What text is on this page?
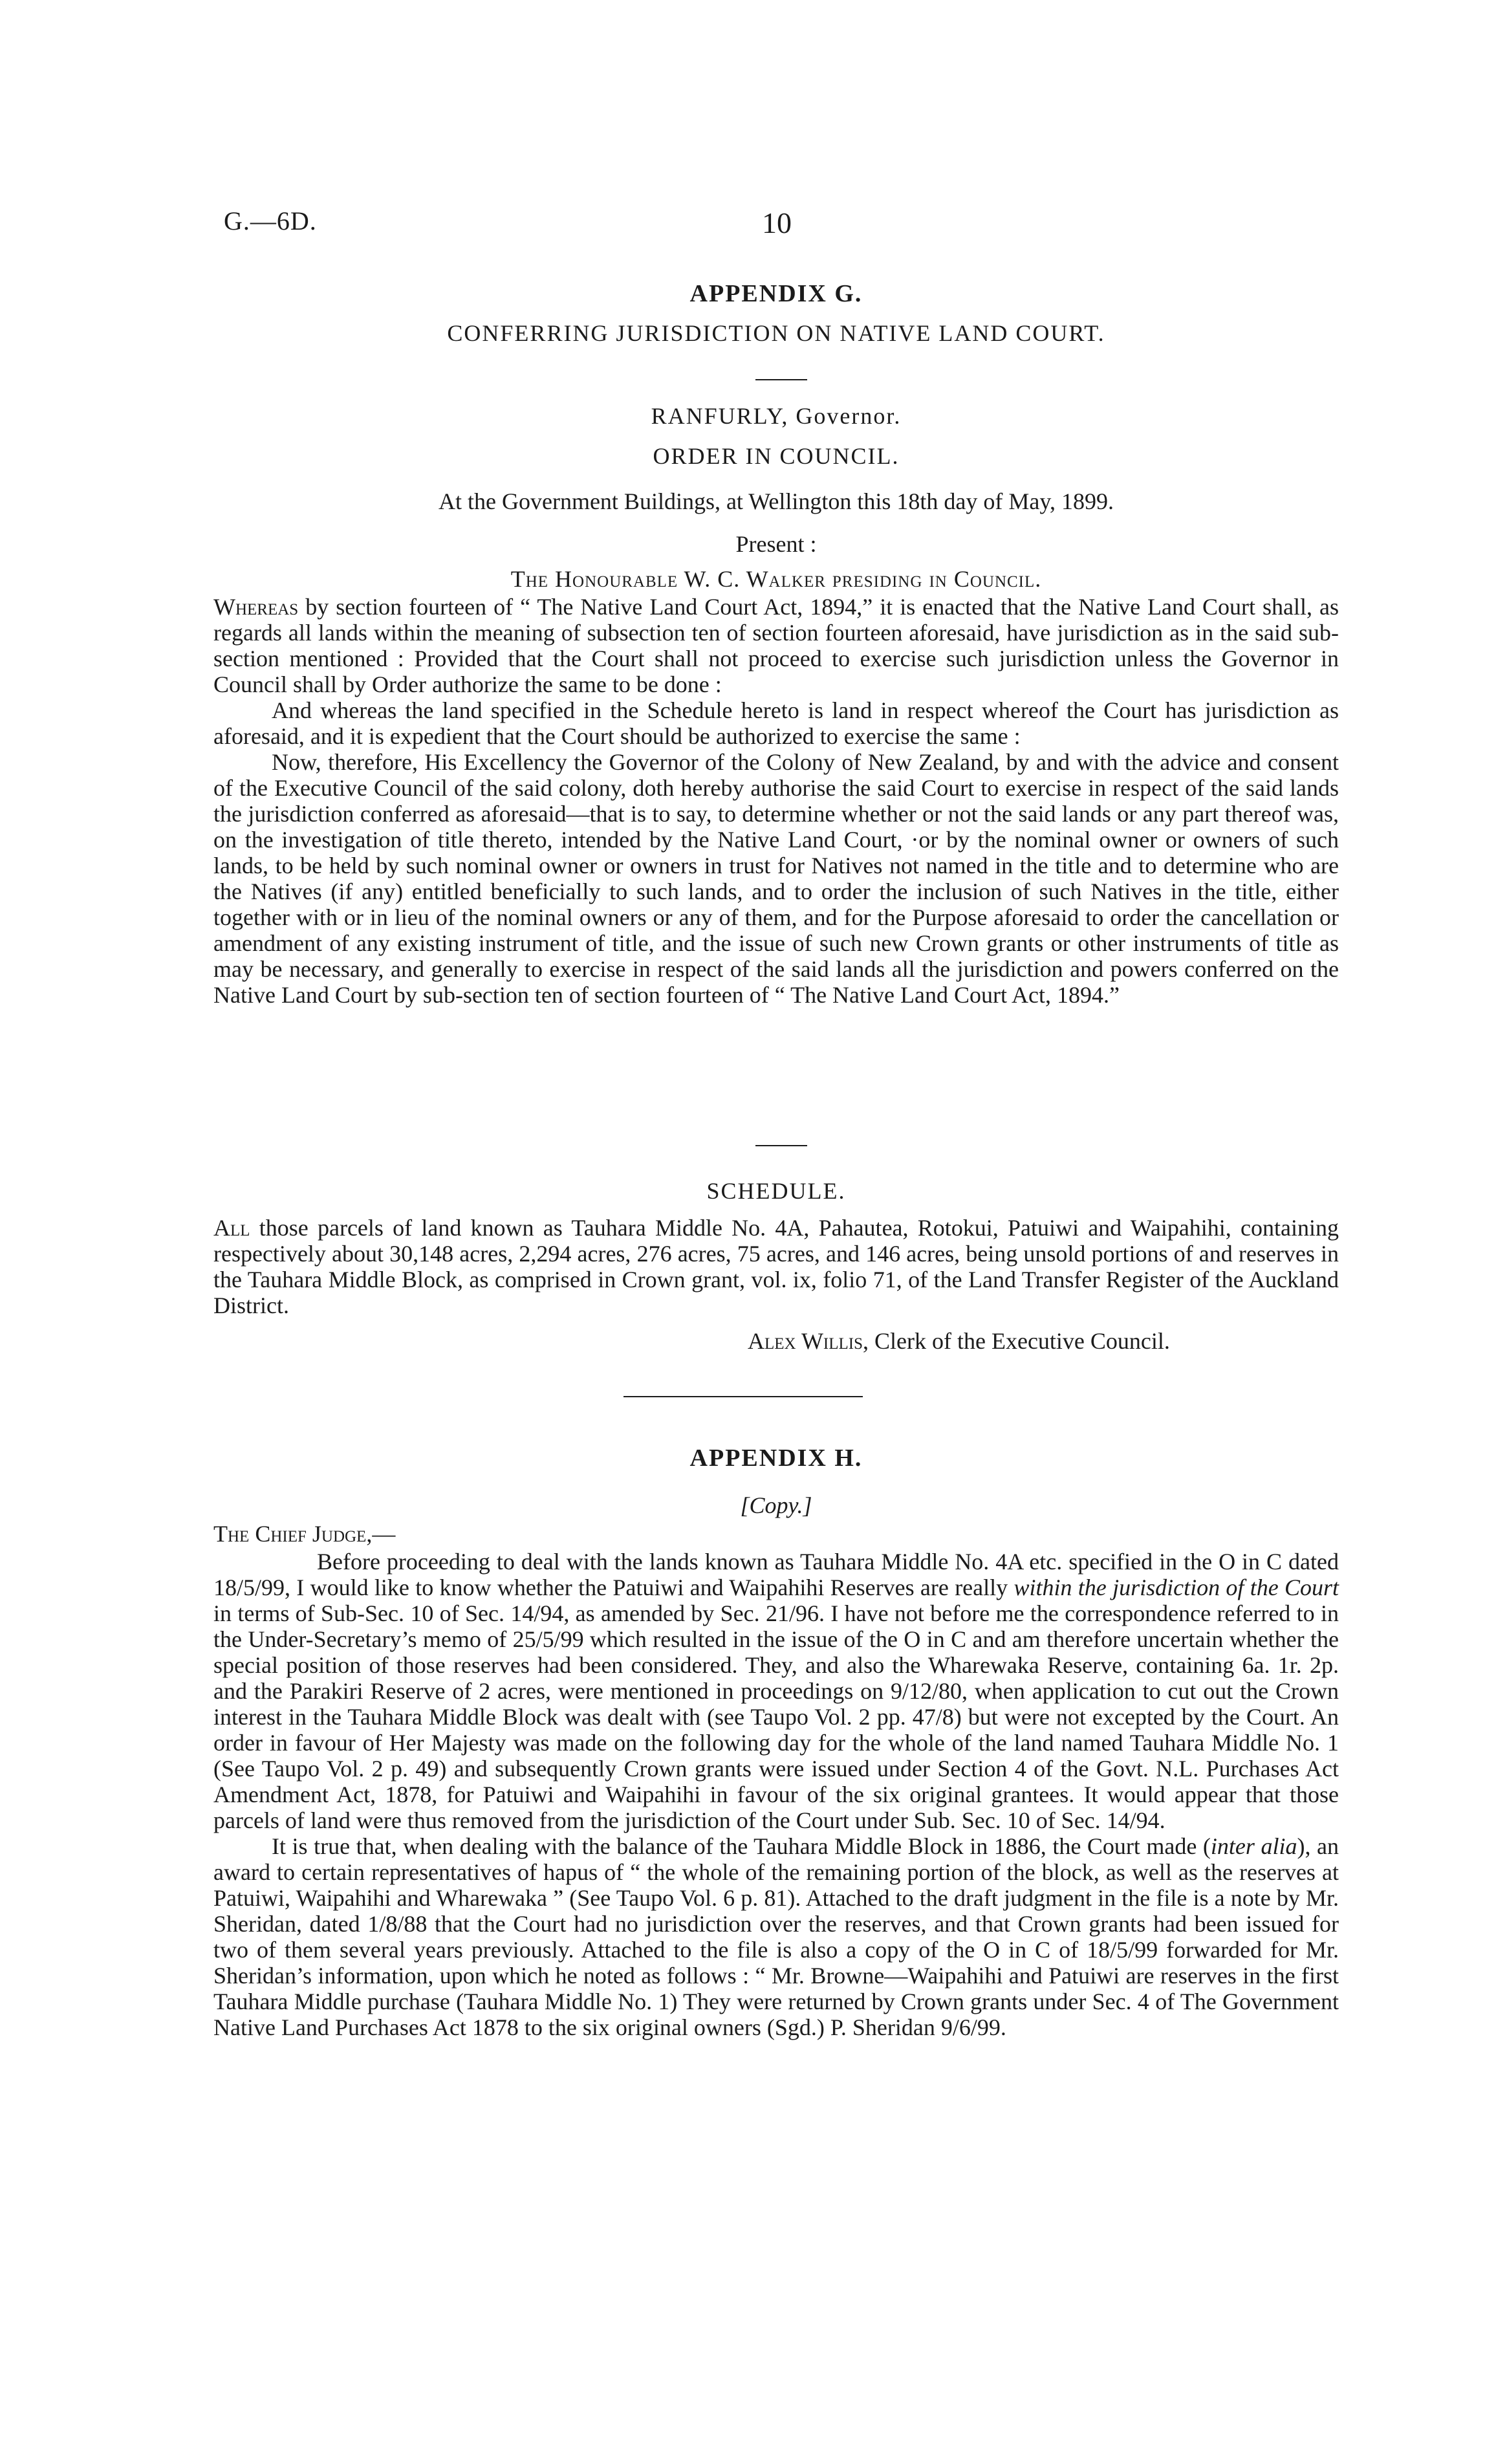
G.—6D.	10
APPENDIX G.
CONFERRING JURISDICTION ON NATIVE LAND COURT.
RANFURLY, Governor.
ORDER IN COUNCIL.
At the Government Buildings, at Wellington this 18th day of May, 1899.
Present :
The Honourable W. C. Walker presiding in Council.

Whereas by section fourteen of “ The Native Land Court Act, 1894,” it is enacted that the Native Land Court shall, as regards all lands within the meaning of subsection ten of section fourteen aforesaid, have jurisdiction as in the said sub-section mentioned : Provided that the Court shall not proceed to exercise such jurisdiction unless the Governor in Council shall by Order authorize the same to be done :

And whereas the land specified in the Schedule hereto is land in respect whereof the Court has jurisdiction as aforesaid, and it is expedient that the Court should be authorized to exercise the same :

Now, therefore, His Excellency the Governor of the Colony of New Zealand, by and with the advice and consent of the Executive Council of the said colony, doth hereby authorise the said Court to exercise in respect of the said lands the jurisdiction conferred as aforesaid—that is to say, to determine whether or not the said lands or any part thereof was, on the investigation of title thereto, intended by the Native Land Court, ·or by the nominal owner or owners of such lands, to be held by such nominal owner or owners in trust for Natives not named in the title and to determine who are the Natives (if any) entitled beneficially to such lands, and to order the inclusion of such Natives in the title, either together with or in lieu of the nominal owners or any of them, and for the Purpose aforesaid to order the cancellation or amendment of any existing instrument of title, and the issue of such new Crown grants or other instruments of title as may be necessary, and generally to exercise in respect of the said lands all the jurisdiction and powers conferred on the Native Land Court by sub-section ten of section fourteen of “ The Native Land Court Act, 1894.”

SCHEDULE.

All those parcels of land known as Tauhara Middle No. 4A, Pahautea, Rotokui, Patuiwi and Waipahihi, containing respectively about 30,148 acres, 2,294 acres, 276 acres, 75 acres, and 146 acres, being unsold portions of and reserves in the Tauhara Middle Block, as comprised in Crown grant, vol. ix, folio 71, of the Land Transfer Register of the Auckland District.

Alex Willis, Clerk of the Executive Council.
APPENDIX H.
[Copy.]
The Chief Judge,—

Before proceeding to deal with the lands known as Tauhara Middle No. 4A etc. specified in the O in C dated 18/5/99, I would like to know whether the Patuiwi and Waipahihi Reserves are really within the jurisdiction of the Court in terms of Sub-Sec. 10 of Sec. 14/94, as amended by Sec. 21/96. I have not before me the correspondence referred to in the Under-Secretary’s memo of 25/5/99 which resulted in the issue of the O in C and am therefore uncertain whether the special position of those reserves had been considered. They, and also the Wharewaka Reserve, containing 6a. 1r. 2p. and the Parakiri Reserve of 2 acres, were mentioned in proceedings on 9/12/80, when application to cut out the Crown interest in the Tauhara Middle Block was dealt with (see Taupo Vol. 2 pp. 47/8) but were not excepted by the Court. An order in favour of Her Majesty was made on the following day for the whole of the land named Tauhara Middle No. 1 (See Taupo Vol. 2 p. 49) and subsequently Crown grants were issued under Section 4 of the Govt. N.L. Purchases Act Amendment Act, 1878, for Patuiwi and Waipahihi in favour of the six original grantees. It would appear that those parcels of land were thus removed from the jurisdiction of the Court under Sub. Sec. 10 of Sec. 14/94.

It is true that, when dealing with the balance of the Tauhara Middle Block in 1886, the Court made (inter alia), an award to certain representatives of hapus of “ the whole of the remaining portion of the block, as well as the reserves at Patuiwi, Waipahihi and Wharewaka ” (See Taupo Vol. 6 p. 81). Attached to the draft judgment in the file is a note by Mr. Sheridan, dated 1/8/88 that the Court had no jurisdiction over the reserves, and that Crown grants had been issued for two of them several years previously. Attached to the file is also a copy of the O in C of 18/5/99 forwarded for Mr. Sheridan’s information, upon which he noted as follows : “ Mr. Browne—Waipahihi and Patuiwi are reserves in the first Tauhara Middle purchase (Tauhara Middle No. 1) They were returned by Crown grants under Sec. 4 of The Government Native Land Purchases Act 1878 to the six original owners (Sgd.) P. Sheridan 9/6/99.
